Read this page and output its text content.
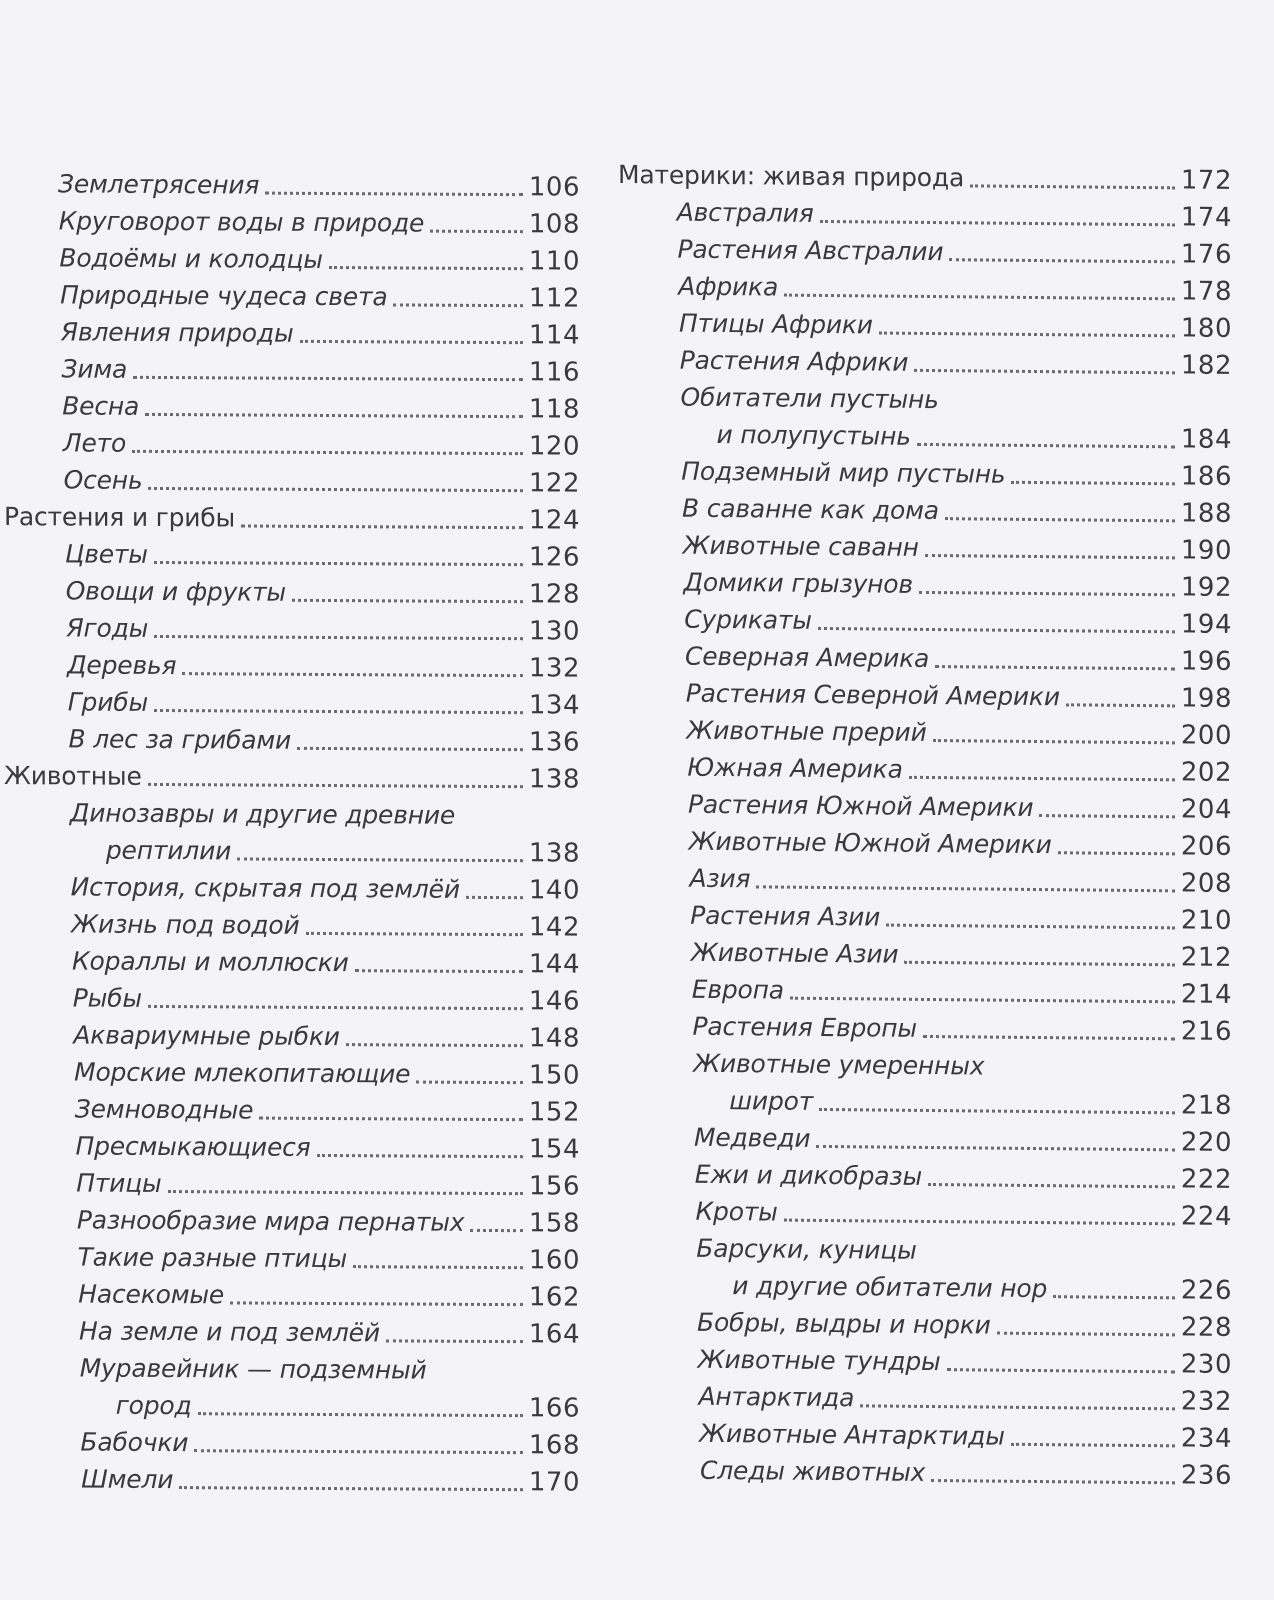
Землетрясения	106
Круговорот воды в природе	108
Водоёмы и колодцы	110
Природные чудеса света	112
Явления природы	114
Зима	116
Весна	118
Лето	120
Осень	122
Растения и грибы	124
Цветы	126
Овощи и фрукты	128
Ягоды	130
Деревья	132
Грибы	134
В лес за грибами	136
Животные	138
Динозавры и другие древние
рептилии	138
История, скрытая под землёй	140
Жизнь под водой	142
Кораллы и моллюски	144
Рыбы	146
Аквариумные рыбки	148
Морские млекопитающие	150
Земноводные	152
Пресмыкающиеся	154
Птицы	156
Разнообразие мира пернатых 158
Такие разные птицы	160
Насекомые	162
На земле и под землёй	164
Муравейник — подземный
город	166
Бабочки	168
Шмели	170
Материки: живая природа	172
Австралия	174
Растения Австралии	176
Африка	178
Птицы Африки	180
Растения Африки	182
Обитатели пустынь
и полупустынь	184
Подземный мир пустынь	186
В саванне как дома	188
Животные саванн	190
Домики грызунов	192
Сурикаты	194
Северная Америка	196
Растения Северной Америки	198
Животные прерий	200
Южная Америка	202
Растения Южной Америки	204
Животные Южной Америки	206
Азия	208
Растения Азии	210
Животные Азии	212
Европа	214
Растения Европы	216
Животные умеренных
широт	218
Медведи	220
Ежи и дикобразы	222
Кроты	224
Барсуки, куницы
и другие обитатели нор	226
Бобры, выдры и норки	228
Животные тундры	230
Антарктида	232
Животные Антарктиды	234
Следы животных	236
